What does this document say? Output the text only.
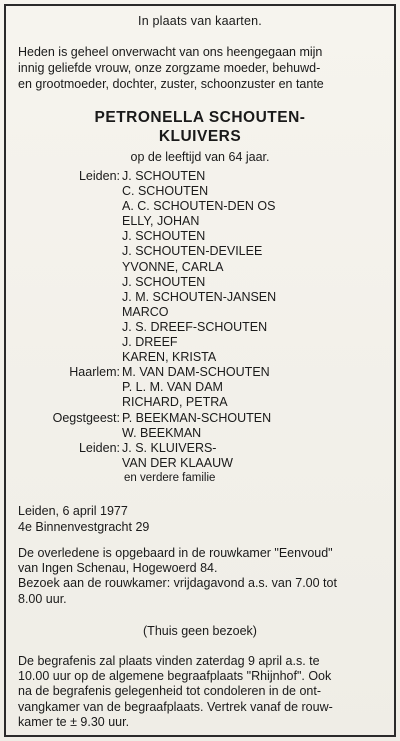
In plaats van kaarten.
Heden is geheel onverwacht van ons heengegaan mijn
innig geliefde vrouw, onze zorgzame moeder, behuwd-
en grootmoeder, dochter, zuster, schoonzuster en tante
PETRONELLA SCHOUTEN-
KLUIVERS
op de leeftijd van 64 jaar.
Leiden: J. SCHOUTEN
C. SCHOUTEN
A. C. SCHOUTEN-DEN OS
ELLY, JOHAN
J. SCHOUTEN
J. SCHOUTEN-DEVILEE
YVONNE, CARLA
J. SCHOUTEN
J. M. SCHOUTEN-JANSEN
MARCO
J. S. DREEF-SCHOUTEN
J. DREEF
KAREN, KRISTA
Haarlem: M. VAN DAM-SCHOUTEN
P. L. M. VAN DAM
RICHARD, PETRA
Oegstgeest: P. BEEKMAN-SCHOUTEN
W. BEEKMAN
Leiden: J. S. KLUIVERS-
VAN DER KLAAUW
en verdere familie
Leiden, 6 april 1977
4e Binnenvestgracht 29
De overledene is opgebaard in de rouwkamer "Eenvoud"
van Ingen Schenau, Hogewoerd 84.
Bezoek aan de rouwkamer: vrijdagavond a.s. van 7.00 tot
8.00 uur.
(Thuis geen bezoek)
De begrafenis zal plaats vinden zaterdag 9 april a.s. te
10.00 uur op de algemene begraafplaats "Rhijnhof". Ook
na de begrafenis gelegenheid tot condoleren in de ont-
vangkamer van de begraafplaats. Vertrek vanaf de rouw-
kamer te ± 9.30 uur.
